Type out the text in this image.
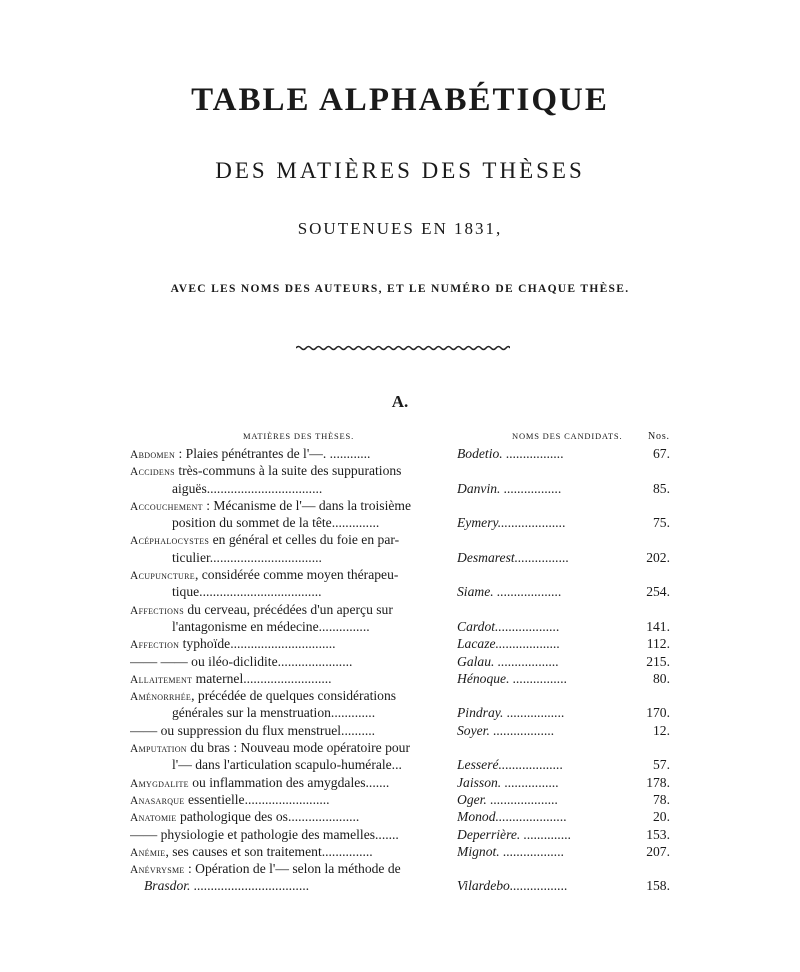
TABLE ALPHABÉTIQUE
DES MATIÈRES DES THÈSES
SOUTENUES EN 1831,
AVEC LES NOMS DES AUTEURS, ET LE NUMÉRO DE CHAQUE THÈSE.
A.
MATIÈRES DES THÈSES.	NOMS DES CANDIDATS.	Nos.
Abdomen : Plaies pénétrantes de l'—. ............	Bodetio. .................	67.
Accidens très-communs à la suite des suppurations
aiguës..................................	Danvin. .................	85.
Accouchement : Mécanisme de l'— dans la troisième
position du sommet de la tête..............	Eymery....................	75.
Acéphalocystes en général et celles du foie en par-
ticulier.................................	Desmarest................	202.
Acupuncture, considérée comme moyen thérapeu-
tique....................................	Siame. ...................	254.
Affections du cerveau, précédées d'un aperçu sur
l'antagonisme en médecine...............	Cardot...................	141.
Affection typhoïde...............................	Lacaze...................	112.
—— —— ou iléo-diclidite......................	Galau. ..................	215.
Allaitement maternel..........................	Hénoque. ................	80.
Aménorrhée, précédée de quelques considérations
générales sur la menstruation.............	Pindray. .................	170.
—— ou suppression du flux menstruel..........	Soyer. ..................	12.
Amputation du bras : Nouveau mode opératoire pour
l'— dans l'articulation scapulo-humérale...	Lesseré...................	57.
Amygdalite ou inflammation des amygdales.......	Jaisson. ................	178.
Anasarque essentielle.........................	Oger. ....................	78.
Anatomie pathologique des os.....................	Monod.....................	20.
—— physiologie et pathologie des mamelles.......	Deperrière. ..............	153.
Anémie, ses causes et son traitement...............	Mignot. ..................	207.
Anévrysme : Opération de l'— selon la méthode de
Brasdor. ..................................	Vilardebo.................	158.
